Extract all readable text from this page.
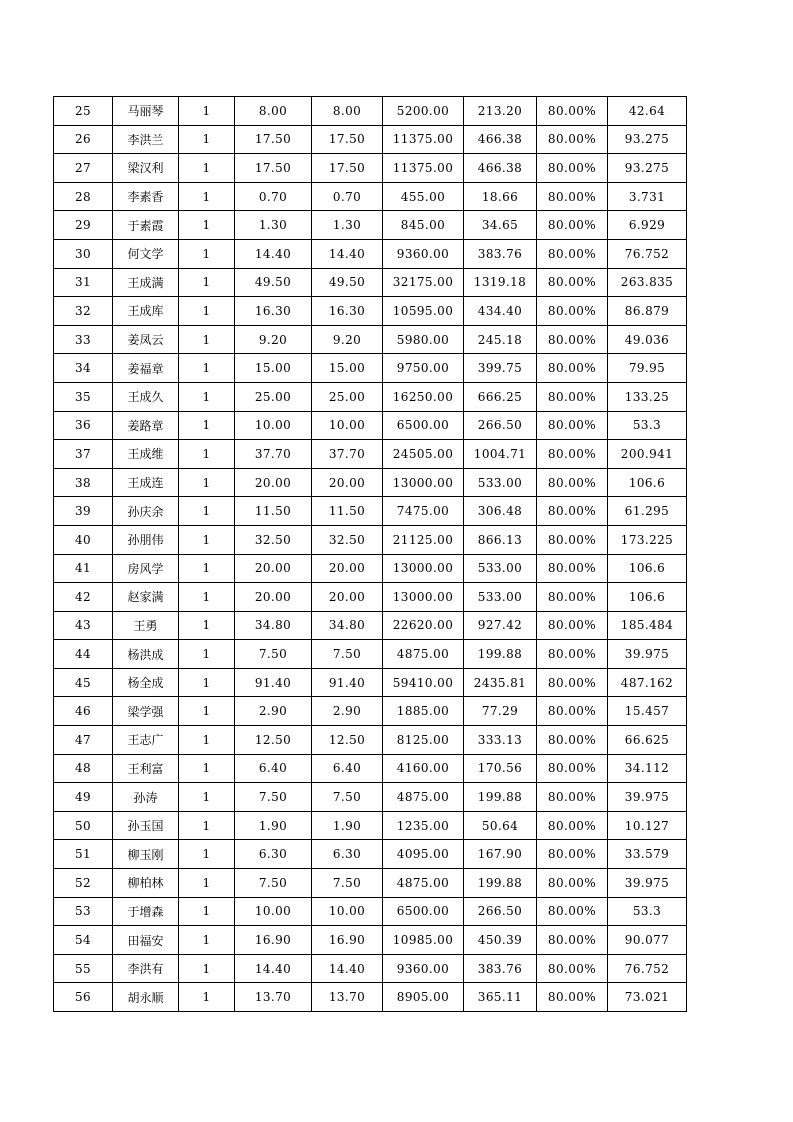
25	马丽琴	1	8.00	8.00	5200.00	213.20	80.00%	42.64
26	李洪兰	1	17.50	17.50	11375.00	466.38	80.00%	93.275
27	梁汉利	1	17.50	17.50	11375.00	466.38	80.00%	93.275
28	李素香	1	0.70	0.70	455.00	18.66	80.00%	3.731
29	于素霞	1	1.30	1.30	845.00	34.65	80.00%	6.929
30	何文学	1	14.40	14.40	9360.00	383.76	80.00%	76.752
31	王成满	1	49.50	49.50	32175.00	1319.18	80.00%	263.835
32	王成库	1	16.30	16.30	10595.00	434.40	80.00%	86.879
33	姜凤云	1	9.20	9.20	5980.00	245.18	80.00%	49.036
34	姜福章	1	15.00	15.00	9750.00	399.75	80.00%	79.95
35	王成久	1	25.00	25.00	16250.00	666.25	80.00%	133.25
36	姜路章	1	10.00	10.00	6500.00	266.50	80.00%	53.3
37	王成维	1	37.70	37.70	24505.00	1004.71	80.00%	200.941
38	王成连	1	20.00	20.00	13000.00	533.00	80.00%	106.6
39	孙庆余	1	11.50	11.50	7475.00	306.48	80.00%	61.295
40	孙朋伟	1	32.50	32.50	21125.00	866.13	80.00%	173.225
41	房风学	1	20.00	20.00	13000.00	533.00	80.00%	106.6
42	赵家满	1	20.00	20.00	13000.00	533.00	80.00%	106.6
43	王勇	1	34.80	34.80	22620.00	927.42	80.00%	185.484
44	杨洪成	1	7.50	7.50	4875.00	199.88	80.00%	39.975
45	杨全成	1	91.40	91.40	59410.00	2435.81	80.00%	487.162
46	梁学强	1	2.90	2.90	1885.00	77.29	80.00%	15.457
47	王志广	1	12.50	12.50	8125.00	333.13	80.00%	66.625
48	王利富	1	6.40	6.40	4160.00	170.56	80.00%	34.112
49	孙涛	1	7.50	7.50	4875.00	199.88	80.00%	39.975
50	孙玉国	1	1.90	1.90	1235.00	50.64	80.00%	10.127
51	柳玉刚	1	6.30	6.30	4095.00	167.90	80.00%	33.579
52	柳柏林	1	7.50	7.50	4875.00	199.88	80.00%	39.975
53	于增森	1	10.00	10.00	6500.00	266.50	80.00%	53.3
54	田福安	1	16.90	16.90	10985.00	450.39	80.00%	90.077
55	李洪有	1	14.40	14.40	9360.00	383.76	80.00%	76.752
56	胡永顺	1	13.70	13.70	8905.00	365.11	80.00%	73.021
